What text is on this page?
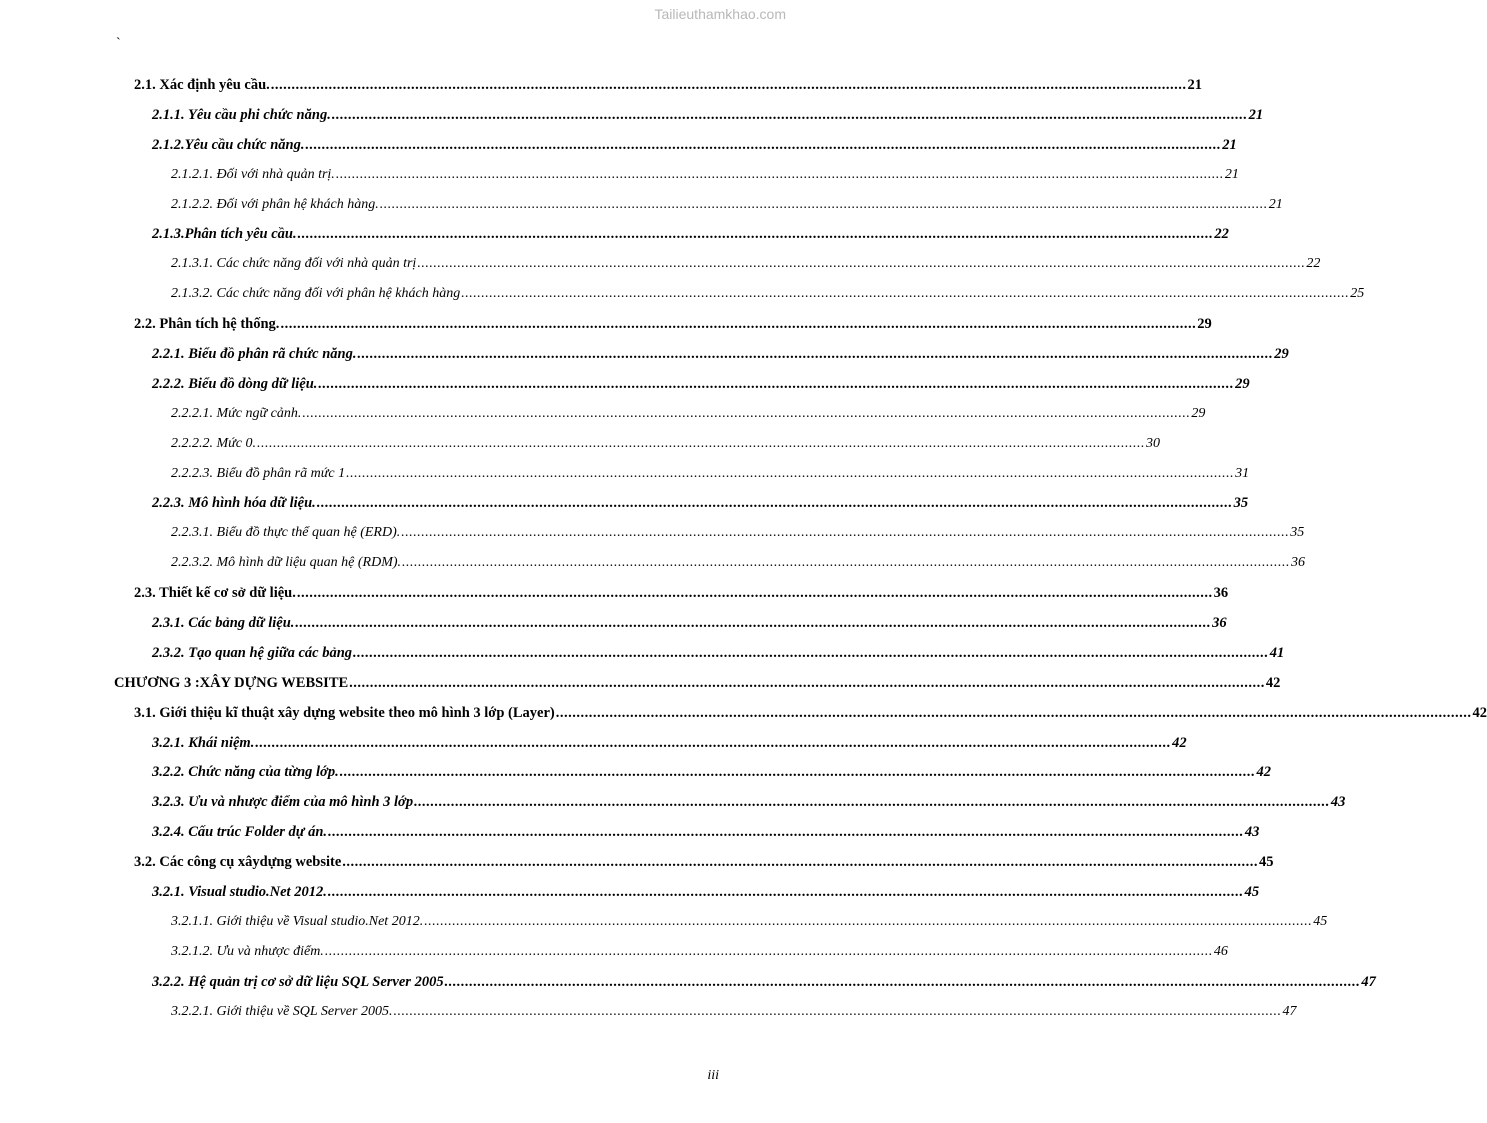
Tailieuthamkhao.com
`
2.1. Xác định yêu cầu. .....	21
2.1.1. Yêu cầu phi chức năng. .....	21
2.1.2.Yêu cầu chức năng. .....	21
2.1.2.1. Đối với nhà quản trị. .....	21
2.1.2.2. Đối với phân hệ khách hàng. .....	21
2.1.3.Phân tích yêu cầu. .....	22
2.1.3.1. Các chức năng đối với nhà quản trị .....	22
2.1.3.2. Các chức năng đối với phân hệ khách hàng .....	25
2.2. Phân tích hệ thống. .....	29
2.2.1. Biểu đồ phân rã chức năng. .....	29
2.2.2. Biểu đồ dòng dữ liệu. .....	29
2.2.2.1. Mức ngữ cảnh. .....	29
2.2.2.2. Mức 0. .....	30
2.2.2.3. Biểu đồ phân rã mức 1 .....	31
2.2.3. Mô hình hóa dữ liệu. .....	35
2.2.3.1. Biểu đồ thực thể quan hệ (ERD). .....	35
2.2.3.2. Mô hình dữ liệu quan hệ (RDM). .....	36
2.3. Thiết kế cơ sở dữ liệu. .....	36
2.3.1. Các bảng dữ liệu. .....	36
2.3.2. Tạo quan hệ giữa các bảng .....	41
CHƯƠNG 3 :XÂY DỰNG WEBSITE .....	42
3.1. Giới thiệu kĩ thuật xây dựng website theo mô hình 3 lớp (Layer) .....	42
3.2.1. Khái niệm. .....	42
3.2.2. Chức năng của từng lớp. .....	42
3.2.3. Ưu và nhược điểm của mô hình 3 lớp .....	43
3.2.4. Cấu trúc Folder dự án. .....	43
3.2. Các công cụ xâydựng website .....	45
3.2.1. Visual studio.Net 2012. .....	45
3.2.1.1. Giới thiệu về Visual studio.Net 2012. .....	45
3.2.1.2. Ưu và nhược điểm. .....	46
3.2.2. Hệ quản trị cơ sở dữ liệu SQL Server 2005 .....	47
3.2.2.1. Giới thiệu về SQL Server 2005. .....	47
iii
